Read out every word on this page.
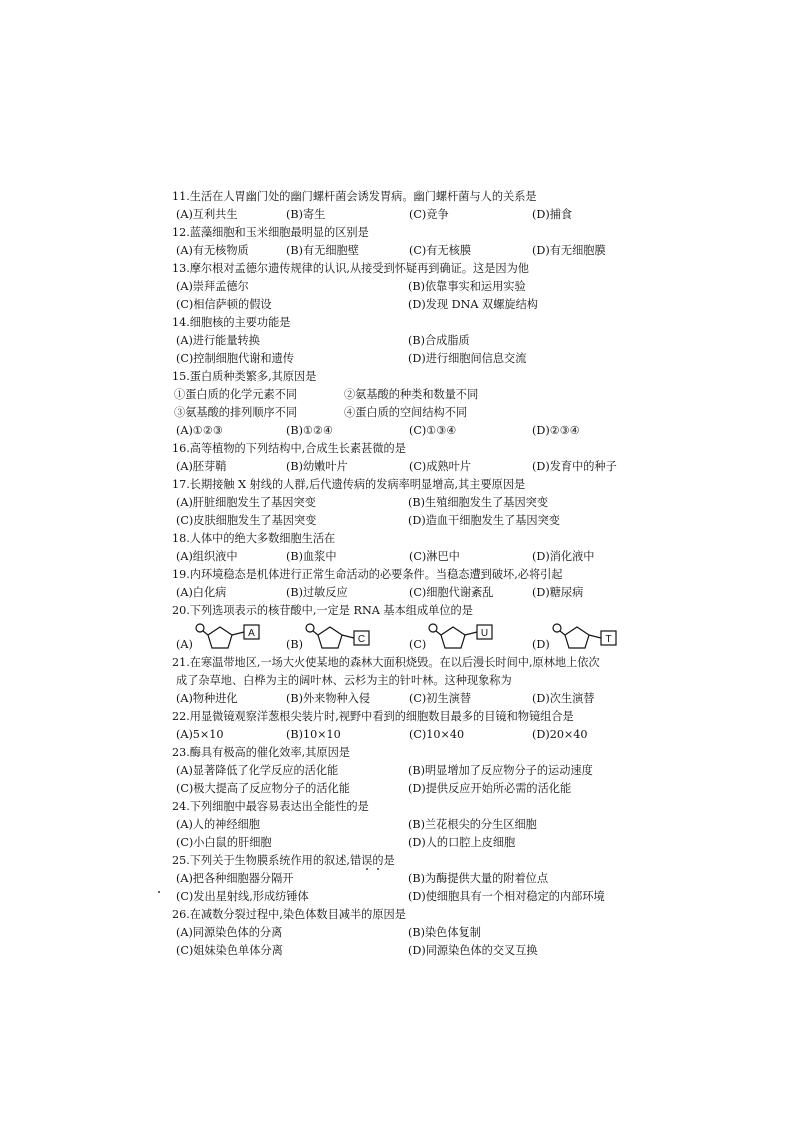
11.生活在人胃幽门处的幽门螺杆菌会诱发胃病。幽门螺杆菌与人的关系是
(A)互利共生	(B)寄生	(C)竞争	(D)捕食
12.蓝藻细胞和玉米细胞最明显的区别是
(A)有无核物质	(B)有无细胞壁	(C)有无核膜	(D)有无细胞膜
13.摩尔根对孟德尔遗传规律的认识,从接受到怀疑再到确证。这是因为他
(A)崇拜孟德尔	(B)依靠事实和运用实验
(C)相信萨顿的假设	(D)发现 DNA 双螺旋结构
14.细胞核的主要功能是
(A)进行能量转换	(B)合成脂质
(C)控制细胞代谢和遗传	(D)进行细胞间信息交流
15.蛋白质种类繁多,其原因是
①蛋白质的化学元素不同	②氨基酸的种类和数量不同
③氨基酸的排列顺序不同	④蛋白质的空间结构不同
(A)①②③	(B)①②④	(C)①③④	(D)②③④
16.高等植物的下列结构中,合成生长素甚微的是
(A)胚芽鞘	(B)幼嫩叶片	(C)成熟叶片	(D)发育中的种子
17.长期接触 X 射线的人群,后代遗传病的发病率明显增高,其主要原因是
(A)肝脏细胞发生了基因突变	(B)生殖细胞发生了基因突变
(C)皮肤细胞发生了基因突变	(D)造血干细胞发生了基因突变
18.人体中的绝大多数细胞生活在
(A)组织液中	(B)血浆中	(C)淋巴中	(D)消化液中
19.内环境稳态是机体进行正常生命活动的必要条件。当稳态遭到破坏,必将引起
(A)白化病	(B)过敏反应	(C)细胞代谢紊乱	(D)糖尿病
20.下列选项表示的核苷酸中,一定是 RNA 基本组成单位的是
(A)
A
(B)	C	(C)
U
(D)	T
21.在寒温带地区,一场大火使某地的森林大面积烧毁。在以后漫长时间中,原林地上依次
成了杂草地、白桦为主的阔叶林、云杉为主的针叶林。这种现象称为
(A)物种进化	(B)外来物种入侵	(C)初生演替	(D)次生演替
22.用显微镜观察洋葱根尖装片时,视野中看到的细胞数目最多的目镜和物镜组合是
(A)5×10	(B)10×10	(C)10×40	(D)20×40
23.酶具有极高的催化效率,其原因是
(A)显著降低了化学反应的活化能	(B)明显增加了反应物分子的运动速度
(C)极大提高了反应物分子的活化能	(D)提供反应开始所必需的活化能
24.下列细胞中最容易表达出全能性的是
(A)人的神经细胞	(B)兰花根尖的分生区细胞
(C)小白鼠的肝细胞	(D)人的口腔上皮细胞
25.下列关于生物膜系统作用的叙述,错误的是
(A)把各种细胞器分隔开	(B)为酶提供大量的附着位点
(C)发出星射线,形成纺锤体	(D)使细胞具有一个相对稳定的内部环境
26.在减数分裂过程中,染色体数目减半的原因是
(A)同源染色体的分离	(B)染色体复制
(C)姐妹染色单体分离	(D)同源染色体的交叉互换
